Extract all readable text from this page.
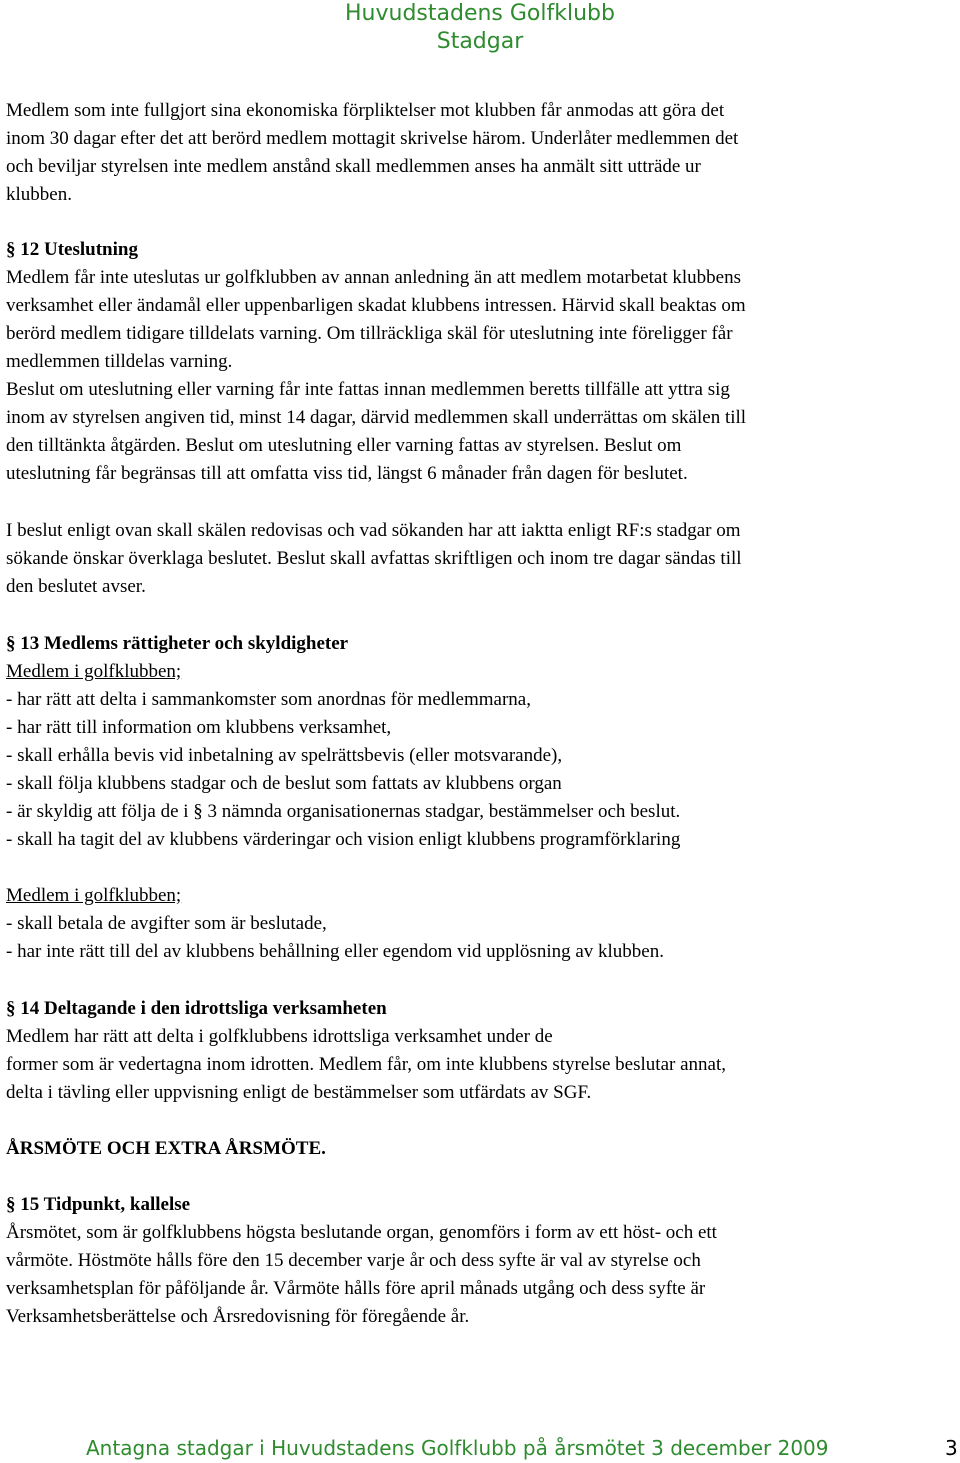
Huvudstadens Golfklubb
Stadgar
Medlem som inte fullgjort sina ekonomiska förpliktelser mot klubben får anmodas att göra det
inom 30 dagar efter det att berörd medlem mottagit skrivelse härom. Underlåter medlemmen det
och beviljar styrelsen inte medlem anstånd skall medlemmen anses ha anmält sitt utträde ur
klubben.
§ 12 Uteslutning
Medlem får inte uteslutas ur golfklubben av annan anledning än att medlem motarbetat klubbens
verksamhet eller ändamål eller uppenbarligen skadat klubbens intressen. Härvid skall beaktas om
berörd medlem tidigare tilldelats varning. Om tillräckliga skäl för uteslutning inte föreligger får
medlemmen tilldelas varning.
Beslut om uteslutning eller varning får inte fattas innan medlemmen beretts tillfälle att yttra sig
inom av styrelsen angiven tid, minst 14 dagar, därvid medlemmen skall underrättas om skälen till
den tilltänkta åtgärden. Beslut om uteslutning eller varning fattas av styrelsen. Beslut om
uteslutning får begränsas till att omfatta viss tid, längst 6 månader från dagen för beslutet.
I beslut enligt ovan skall skälen redovisas och vad sökanden har att iaktta enligt RF:s stadgar om
sökande önskar överklaga beslutet. Beslut skall avfattas skriftligen och inom tre dagar sändas till
den beslutet avser.
§ 13 Medlems rättigheter och skyldigheter
Medlem i golfklubben;
- har rätt att delta i sammankomster som anordnas för medlemmarna,
- har rätt till information om klubbens verksamhet,
- skall erhålla bevis vid inbetalning av spelrättsbevis (eller motsvarande),
- skall följa klubbens stadgar och de beslut som fattats av klubbens organ
- är skyldig att följa de i § 3 nämnda organisationernas stadgar, bestämmelser och beslut.
- skall ha tagit del av klubbens värderingar och vision enligt klubbens programförklaring
Medlem i golfklubben;
- skall betala de avgifter som är beslutade,
- har inte rätt till del av klubbens behållning eller egendom vid upplösning av klubben.
§ 14 Deltagande i den idrottsliga verksamheten
Medlem har rätt att delta i golfklubbens idrottsliga verksamhet under de
former som är vedertagna inom idrotten. Medlem får, om inte klubbens styrelse beslutar annat,
delta i tävling eller uppvisning enligt de bestämmelser som utfärdats av SGF.
ÅRSMÖTE OCH EXTRA ÅRSMÖTE.
§ 15 Tidpunkt, kallelse
Årsmötet, som är golfklubbens högsta beslutande organ, genomförs i form av ett höst- och ett
vårmöte. Höstmöte hålls före den 15 december varje år och dess syfte är val av styrelse och
verksamhetsplan för påföljande år. Vårmöte hålls före april månads utgång och dess syfte är
Verksamhetsberättelse och Årsredovisning för föregående år.
Antagna stadgar i Huvudstadens Golfklubb på årsmötet 3 december 2009	3
